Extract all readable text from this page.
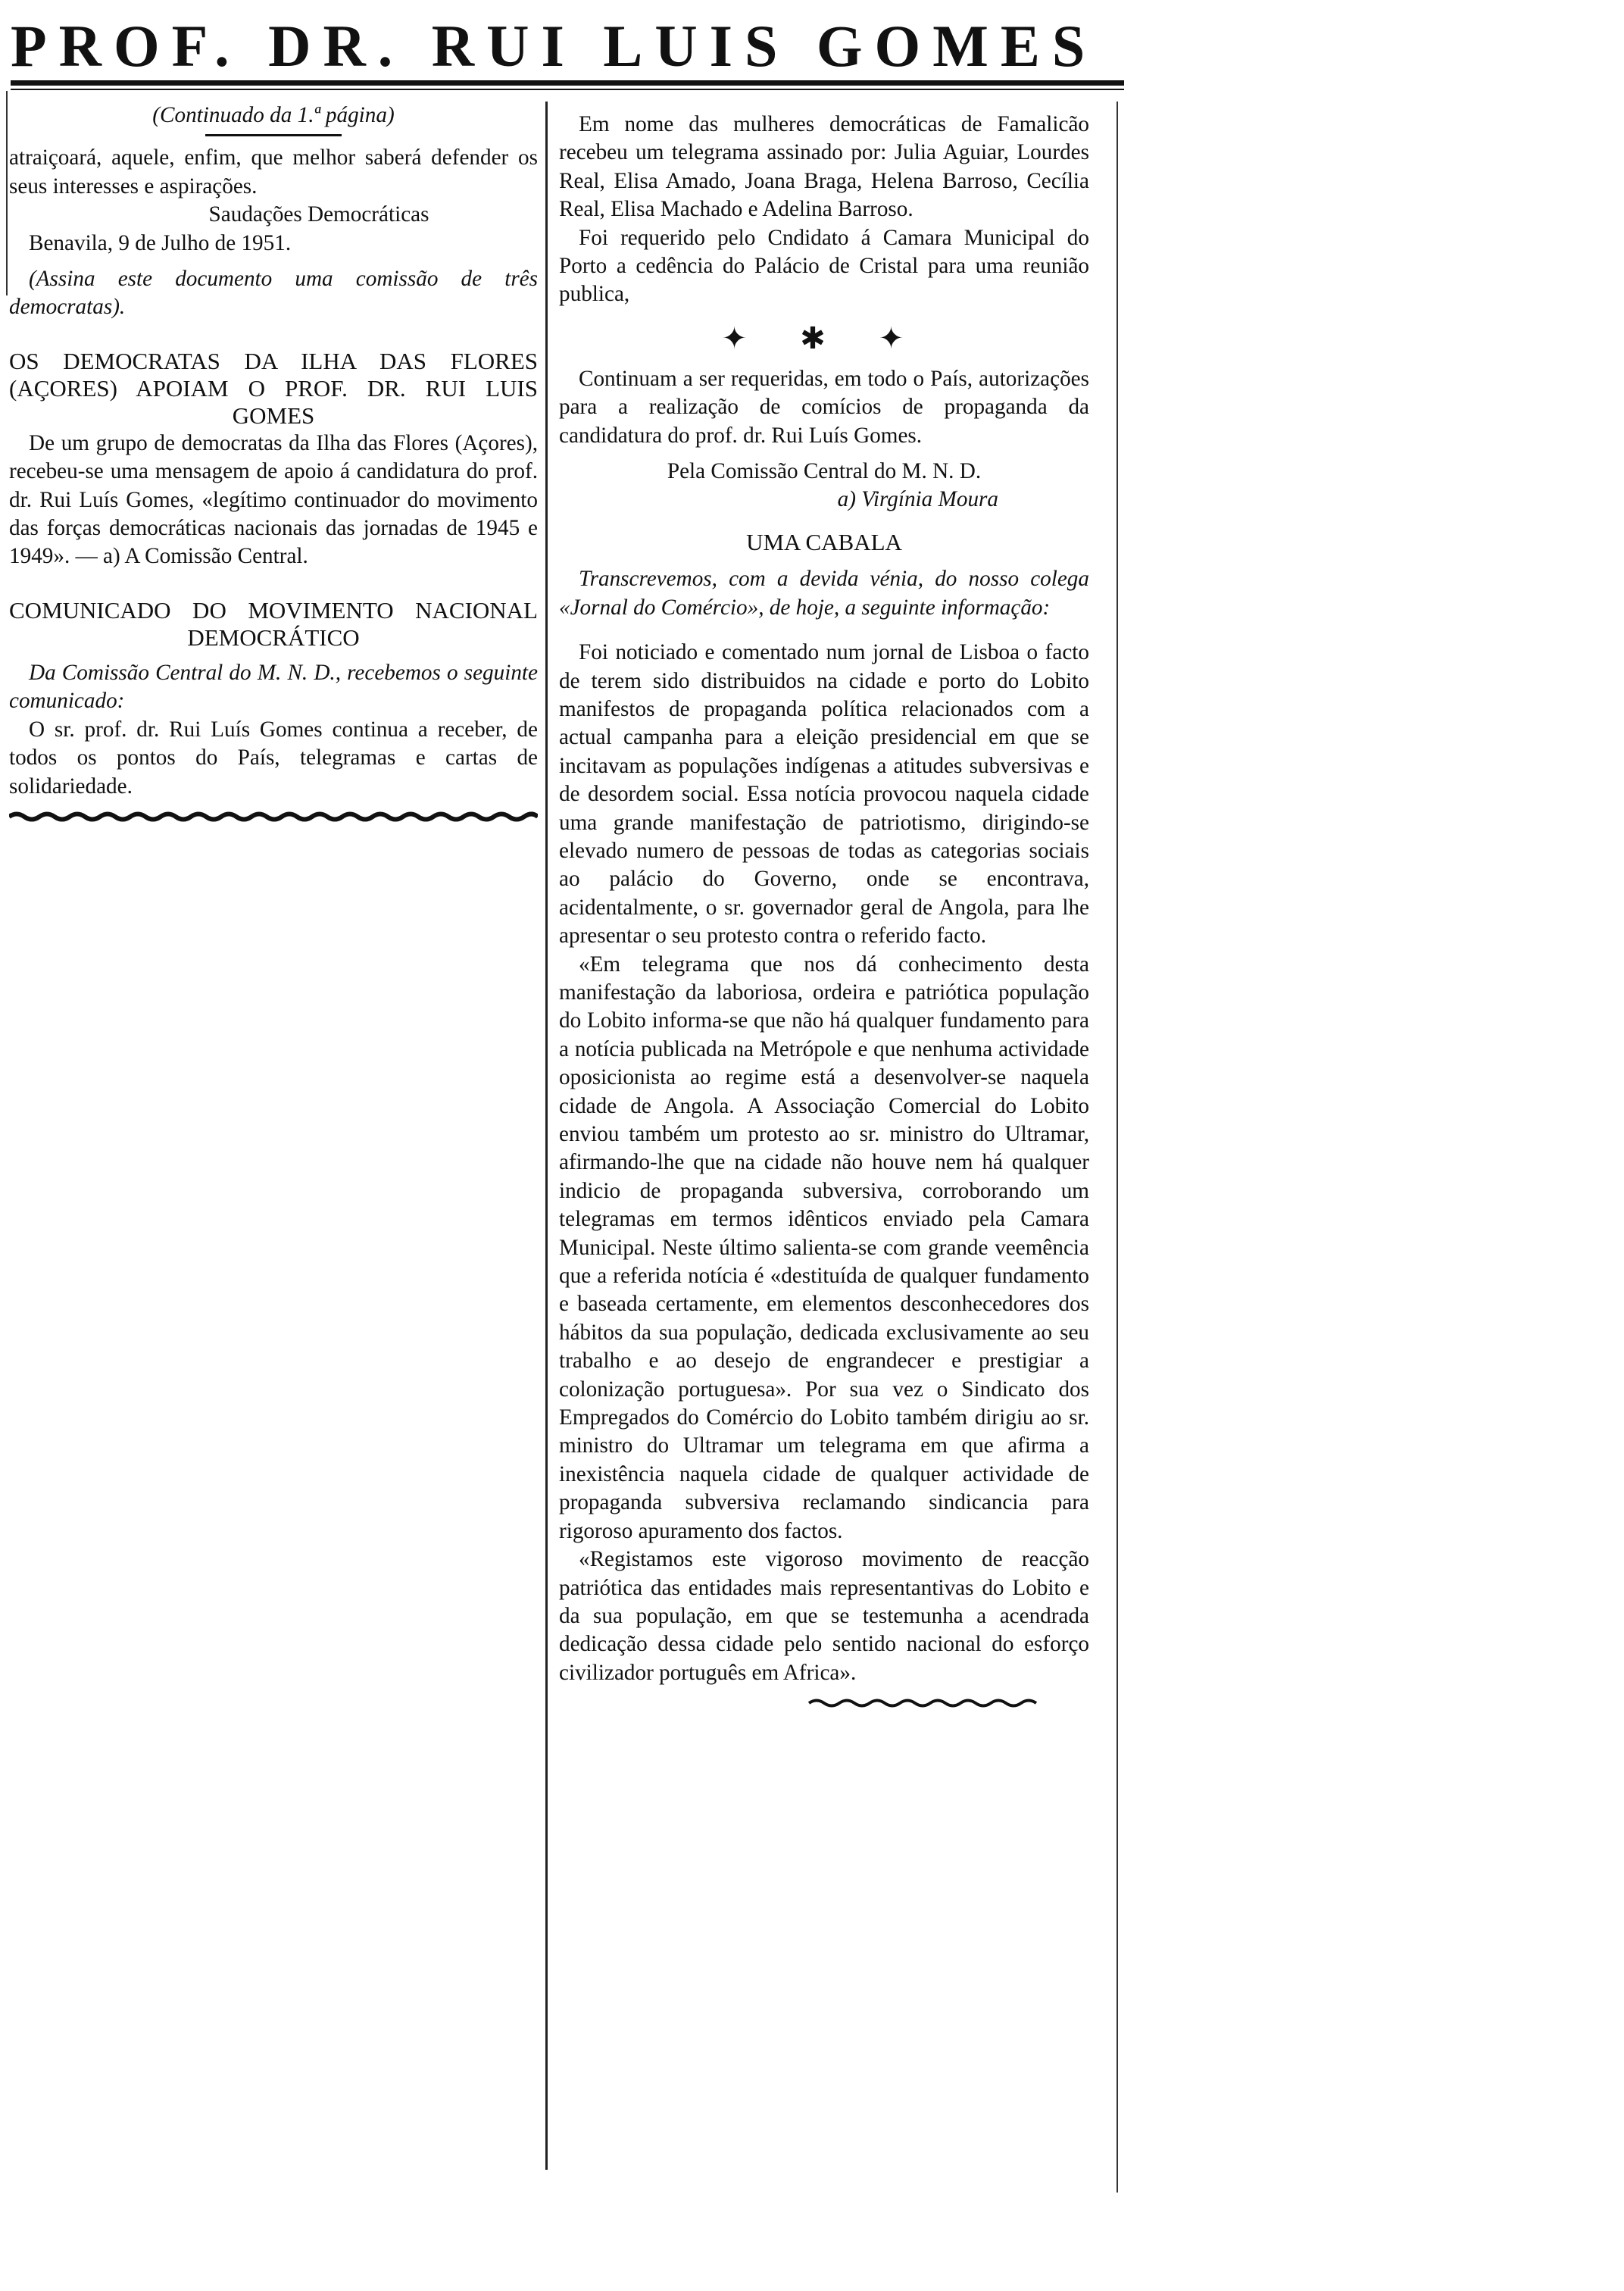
PROF. DR. RUI LUIS GOMES

(Continuado da 1.ª página)

atraiçoará, aquele, enfim, que melhor saberá defender os seus interesses e aspirações.

Saudações Democráticas

Benavila, 9 de Julho de 1951.

(Assina este documento uma comissão de três democratas).

OS DEMOCRATAS DA ILHA DAS FLORES (AÇORES) APOIAM O PROF. DR. RUI LUIS GOMES

De um grupo de democratas da Ilha das Flores (Açores), recebeu-se uma mensagem de apoio á candidatura do prof. dr. Rui Luís Gomes, «legítimo continuador do movimento das forças democráticas nacionais das jornadas de 1945 e 1949». — a) A Comissão Central.

COMUNICADO DO MOVIMENTO NACIONAL DEMOCRÁTICO

Da Comissão Central do M. N. D., recebemos o seguinte comunicado:

O sr. prof. dr. Rui Luís Gomes continua a receber, de todos os pontos do País, telegramas e cartas de solidariedade.

Em nome das mulheres democráticas de Famalicão recebeu um telegrama assinado por: Julia Aguiar, Lourdes Real, Elisa Amado, Joana Braga, Helena Barroso, Cecília Real, Elisa Machado e Adelina Barroso.

Foi requerido pelo Cndidato á Camara Municipal do Porto a cedência do Palácio de Cristal para uma reunião publica,

✦ ✱ ✦

Continuam a ser requeridas, em todo o País, autorizações para a realização de comícios de propaganda da candidatura do prof. dr. Rui Luís Gomes.

Pela Comissão Central do M. N. D.

a) Virgínia Moura

UMA CABALA

Transcrevemos, com a devida vénia, do nosso colega «Jornal do Comércio», de hoje, a seguinte informação:

Foi noticiado e comentado num jornal de Lisboa o facto de terem sido distribuidos na cidade e porto do Lobito manifestos de propaganda política relacionados com a actual campanha para a eleição presidencial em que se incitavam as populações indígenas a atitudes subversivas e de desordem social. Essa notícia provocou naquela cidade uma grande manifestação de patriotismo, dirigindo-se elevado numero de pessoas de todas as categorias sociais ao palácio do Governo, onde se encontrava, acidentalmente, o sr. governador geral de Angola, para lhe apresentar o seu protesto contra o referido facto.

«Em telegrama que nos dá conhecimento desta manifestação da laboriosa, ordeira e patriótica população do Lobito informa-se que não há qualquer fundamento para a notícia publicada na Metrópole e que nenhuma actividade oposicionista ao regime está a desenvolver-se naquela cidade de Angola. A Associação Comercial do Lobito enviou também um protesto ao sr. ministro do Ultramar, afirmando-lhe que na cidade não houve nem há qualquer indicio de propaganda subversiva, corroborando um telegramas em termos idênticos enviado pela Camara Municipal. Neste último salienta-se com grande veemência que a referida notícia é «destituída de qualquer fundamento e baseada certamente, em elementos desconhecedores dos hábitos da sua população, dedicada exclusivamente ao seu trabalho e ao desejo de engrandecer e prestigiar a colonização portuguesa». Por sua vez o Sindicato dos Empregados do Comércio do Lobito também dirigiu ao sr. ministro do Ultramar um telegrama em que afirma a inexistência naquela cidade de qualquer actividade de propaganda subversiva reclamando sindicancia para rigoroso apuramento dos factos.

«Registamos este vigoroso movimento de reacção patriótica das entidades mais representantivas do Lobito e da sua população, em que se testemunha a acendrada dedicação dessa cidade pelo sentido nacional do esforço civilizador português em Africa».
